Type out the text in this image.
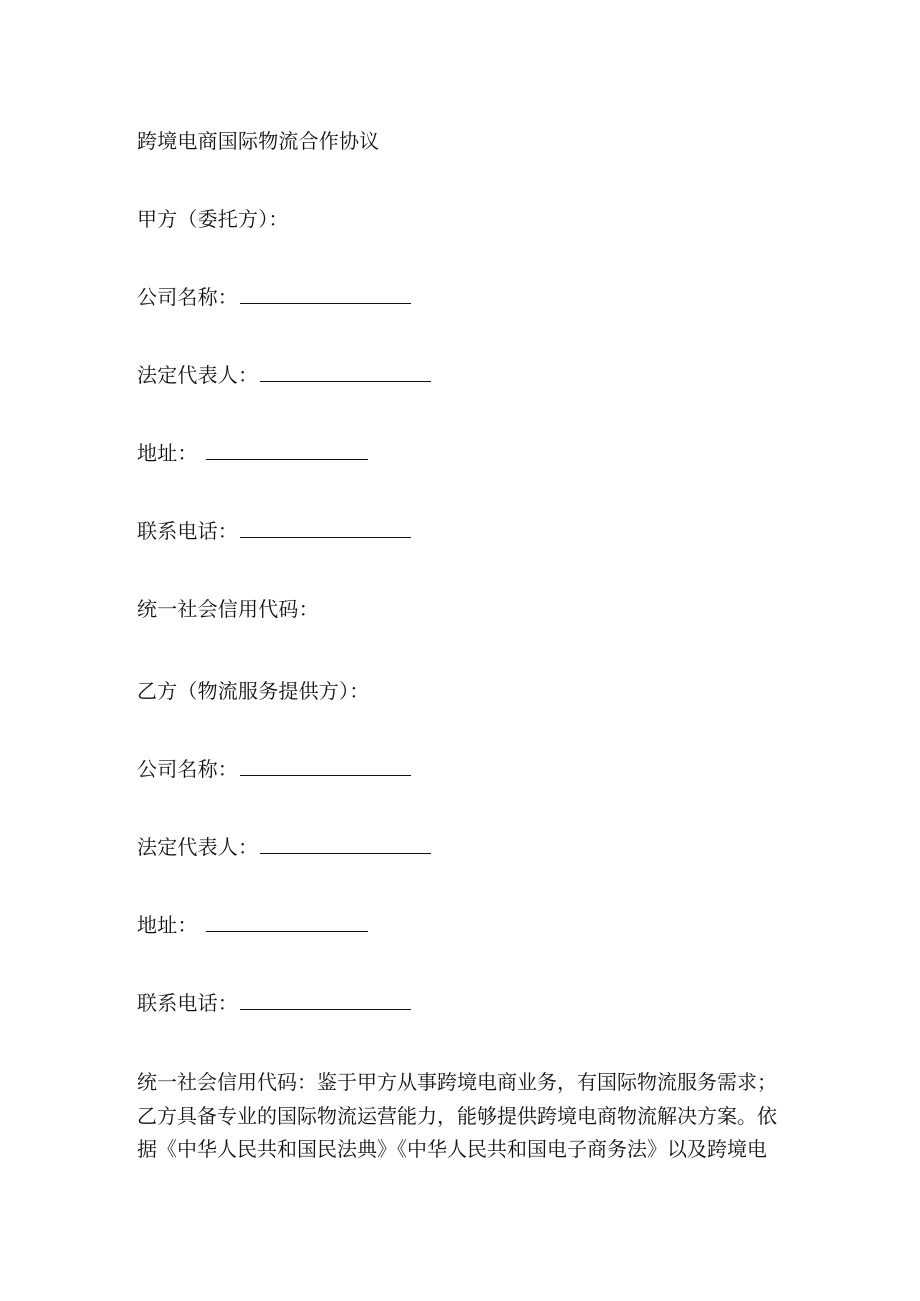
跨境电商国际物流合作协议
甲方（委托方）：
公司名称：
法定代表人：
地址：
联系电话：
统一社会信用代码：
乙方（物流服务提供方）：
公司名称：
法定代表人：
地址：
联系电话：

统一社会信用代码：鉴于甲方从事跨境电商业务，有国际物流服务需求；

乙方具备专业的国际物流运营能力，能够提供跨境电商物流解决方案。依

据《中华人民共和国民法典》《中华人民共和国电子商务法》以及跨境电
